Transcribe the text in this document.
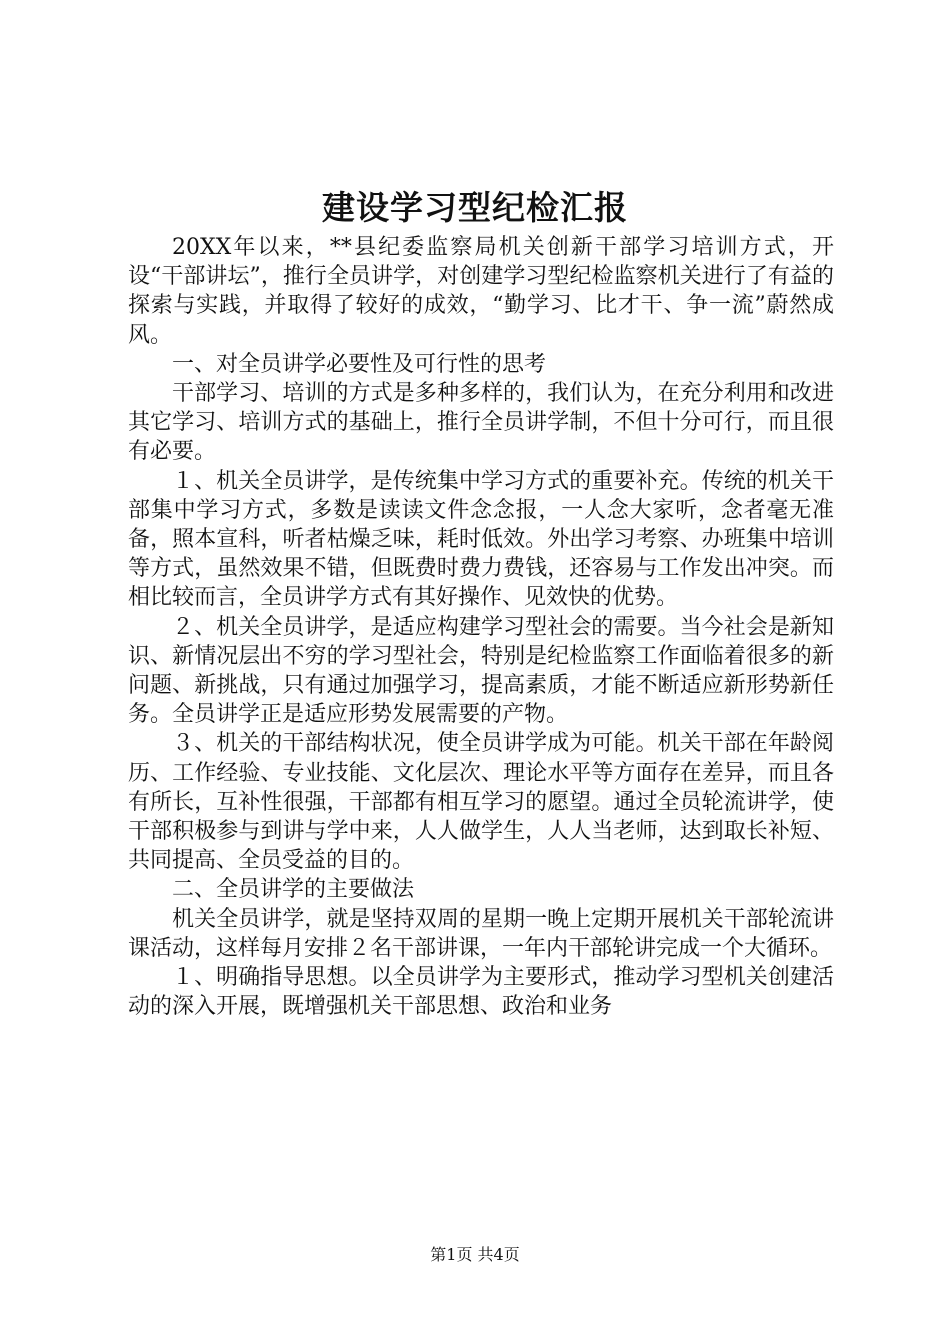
建设学习型纪检汇报

20XX年以来，**县纪委监察局机关创新干部学习培训方式，开设“干部讲坛”，推行全员讲学，对创建学习型纪检监察机关进行了有益的探索与实践，并取得了较好的成效，“勤学习、比才干、争一流”蔚然成风。

一、对全员讲学必要性及可行性的思考

干部学习、培训的方式是多种多样的，我们认为，在充分利用和改进其它学习、培训方式的基础上，推行全员讲学制，不但十分可行，而且很有必要。

１、机关全员讲学，是传统集中学习方式的重要补充。传统的机关干部集中学习方式，多数是读读文件念念报，一人念大家听，念者毫无准备，照本宣科，听者枯燥乏味，耗时低效。外出学习考察、办班集中培训等方式，虽然效果不错，但既费时费力费钱，还容易与工作发出冲突。而相比较而言，全员讲学方式有其好操作、见效快的优势。

２、机关全员讲学，是适应构建学习型社会的需要。当今社会是新知识、新情况层出不穷的学习型社会，特别是纪检监察工作面临着很多的新问题、新挑战，只有通过加强学习，提高素质，才能不断适应新形势新任务。全员讲学正是适应形势发展需要的产物。

３、机关的干部结构状况，使全员讲学成为可能。机关干部在年龄阅历、工作经验、专业技能、文化层次、理论水平等方面存在差异，而且各有所长，互补性很强，干部都有相互学习的愿望。通过全员轮流讲学，使干部积极参与到讲与学中来，人人做学生，人人当老师，达到取长补短、共同提高、全员受益的目的。

二、全员讲学的主要做法

机关全员讲学，就是坚持双周的星期一晚上定期开展机关干部轮流讲课活动，这样每月安排２名干部讲课，一年内干部轮讲完成一个大循环。

１、明确指导思想。以全员讲学为主要形式，推动学习型机关创建活动的深入开展，既增强机关干部思想、政治和业务

第1页 共4页
